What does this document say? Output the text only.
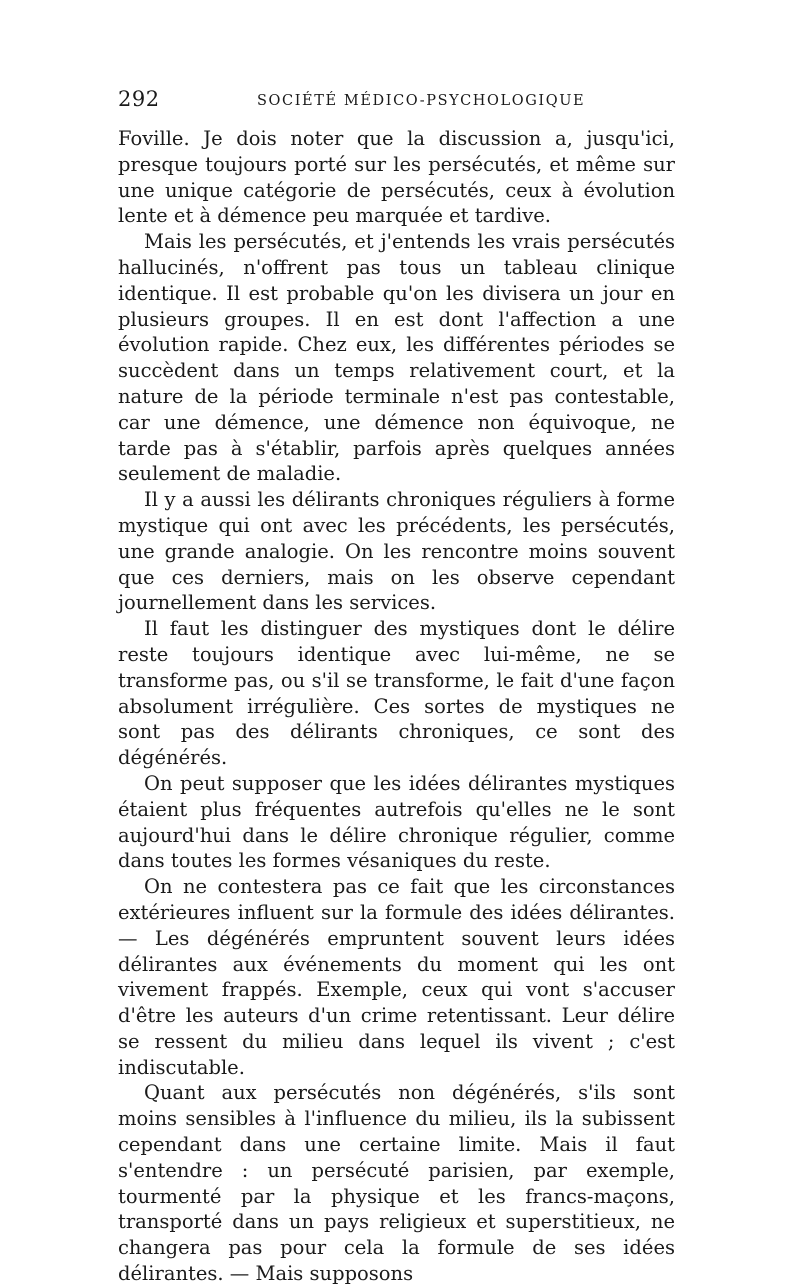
292	SOCIÉTÉ MÉDICO-PSYCHOLOGIQUE

Foville. Je dois noter que la discussion a, jusqu'ici, presque toujours porté sur les persécutés, et même sur une unique catégorie de persécutés, ceux à évolution lente et à démence peu marquée et tardive.

Mais les persécutés, et j'entends les vrais persécutés hallucinés, n'offrent pas tous un tableau clinique identique. Il est probable qu'on les divisera un jour en plusieurs groupes. Il en est dont l'affection a une évolution rapide. Chez eux, les différentes périodes se succèdent dans un temps relativement court, et la nature de la période terminale n'est pas contestable, car une démence, une démence non équivoque, ne tarde pas à s'établir, parfois après quelques années seulement de maladie.

Il y a aussi les délirants chroniques réguliers à forme mystique qui ont avec les précédents, les persécutés, une grande analogie. On les rencontre moins souvent que ces derniers, mais on les observe cependant journellement dans les services.

Il faut les distinguer des mystiques dont le délire reste toujours identique avec lui-même, ne se transforme pas, ou s'il se transforme, le fait d'une façon absolument irrégulière. Ces sortes de mystiques ne sont pas des délirants chroniques, ce sont des dégénérés.

On peut supposer que les idées délirantes mystiques étaient plus fréquentes autrefois qu'elles ne le sont aujourd'hui dans le délire chronique régulier, comme dans toutes les formes vésaniques du reste.

On ne contestera pas ce fait que les circonstances extérieures influent sur la formule des idées délirantes. — Les dégénérés empruntent souvent leurs idées délirantes aux événements du moment qui les ont vivement frappés. Exemple, ceux qui vont s'accuser d'être les auteurs d'un crime retentissant. Leur délire se ressent du milieu dans lequel ils vivent ; c'est indiscutable.

Quant aux persécutés non dégénérés, s'ils sont moins sensibles à l'influence du milieu, ils la subissent cependant dans une certaine limite. Mais il faut s'entendre : un persécuté parisien, par exemple, tourmenté par la physique et les francs-maçons, transporté dans un pays religieux et superstitieux, ne changera pas pour cela la formule de ses idées délirantes. — Mais supposons
